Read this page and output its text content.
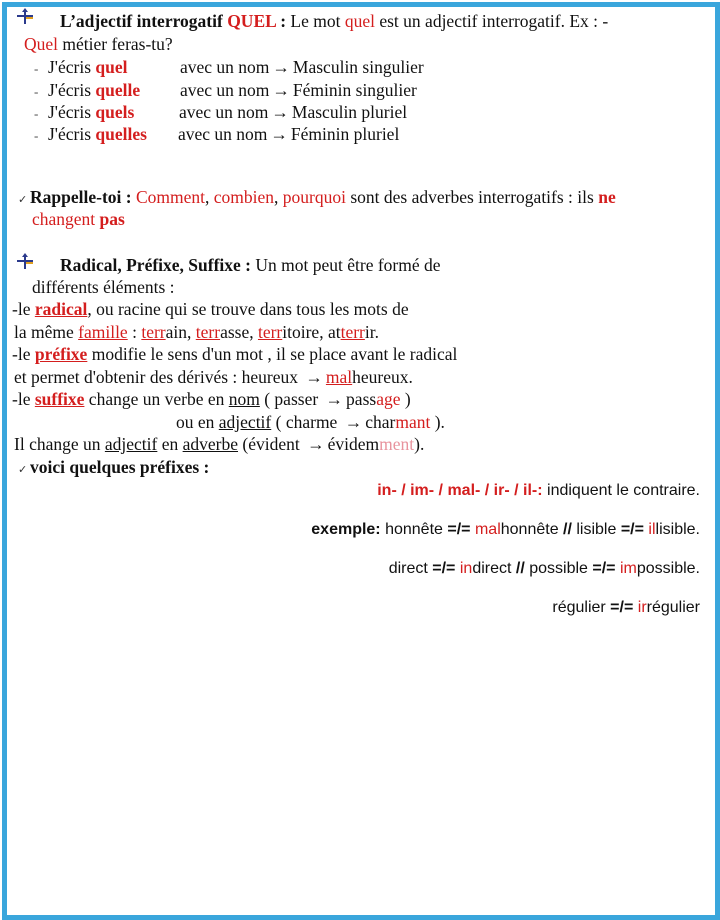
L’adjectif interrogatif QUEL : Le mot quel est un adjectif interrogatif. Ex : -
Quel métier feras-tu?
- J'écris quel	avec un nom → Masculin singulier
- J'écris quelle avec un nom → Féminin singulier
- J'écris quels	avec un nom → Masculin pluriel
- J'écris quelles avec un nom → Féminin pluriel
✓ Rappelle-toi : Comment, combien, pourquoi sont des adverbes interrogatifs : ils ne
changent pas
Radical, Préfixe, Suffixe : Un mot peut être formé de
différents éléments :
-le radical, ou racine qui se trouve dans tous les mots de
la même famille : terrain, terrasse, territoire, atterrir.
-le préfixe modifie le sens d'un mot , il se place avant le radical
et permet d'obtenir des dérivés : heureux → malheureux.
-le suffixe change un verbe en nom ( passer → passage )
ou en adjectif ( charme → charmant ).
Il change un adjectif en adverbe (évident → évidemment).
✓ voici quelques préfixes :
in- / im- / mal- / ir- / il-: indiquent le contraire.
exemple: honnête =/= malhonnête // lisible =/= illisible.
direct =/= indirect // possible =/= impossible.
régulier =/= irrégulier
